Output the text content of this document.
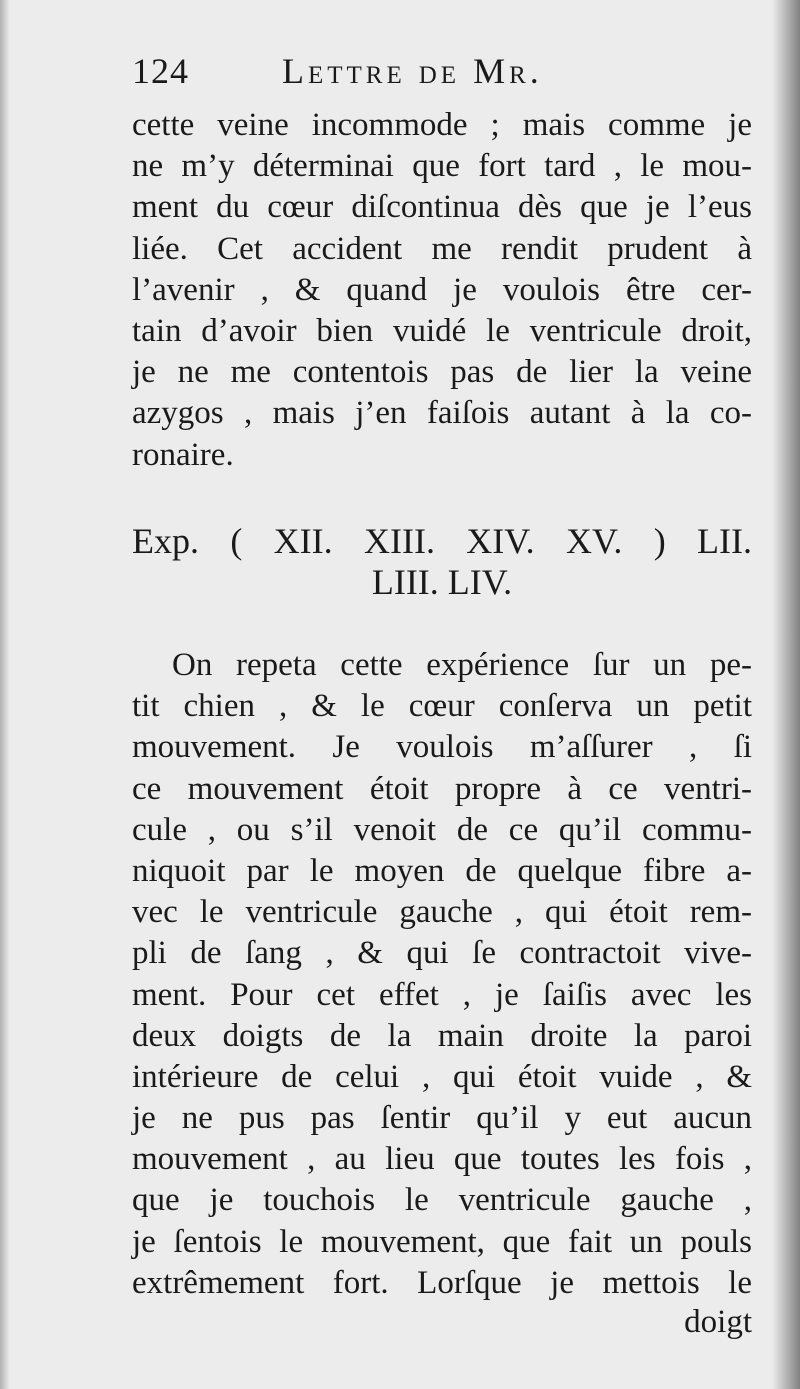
124	Lettre de Mr.
cette veine incommode ; mais comme je
ne m’y déterminai que fort tard , le mou-
ment du cœur diſcontinua dès que je l’eus
liée. Cet accident me rendit prudent à
l’avenir , & quand je voulois être cer-
tain d’avoir bien vuidé le ventricule droit,
je ne me contentois pas de lier la veine
azygos , mais j’en faiſois autant à la co-
ronaire.
Exp. ( XII. XIII. XIV. XV. ) LII.
LIII. LIV.
On repeta cette expérience ſur un pe-
tit chien , & le cœur conſerva un petit
mouvement. Je voulois m’aſſurer , ſi
ce mouvement étoit propre à ce ventri-
cule , ou s’il venoit de ce qu’il commu-
niquoit par le moyen de quelque fibre a-
vec le ventricule gauche , qui étoit rem-
pli de ſang , & qui ſe contractoit vive-
ment. Pour cet effet , je ſaiſis avec les
deux doigts de la main droite la paroi
intérieure de celui , qui étoit vuide , &
je ne pus pas ſentir qu’il y eut aucun
mouvement , au lieu que toutes les fois ,
que je touchois le ventricule gauche ,
je ſentois le mouvement, que fait un pouls
extrêmement fort. Lorſque je mettois le
doigt
